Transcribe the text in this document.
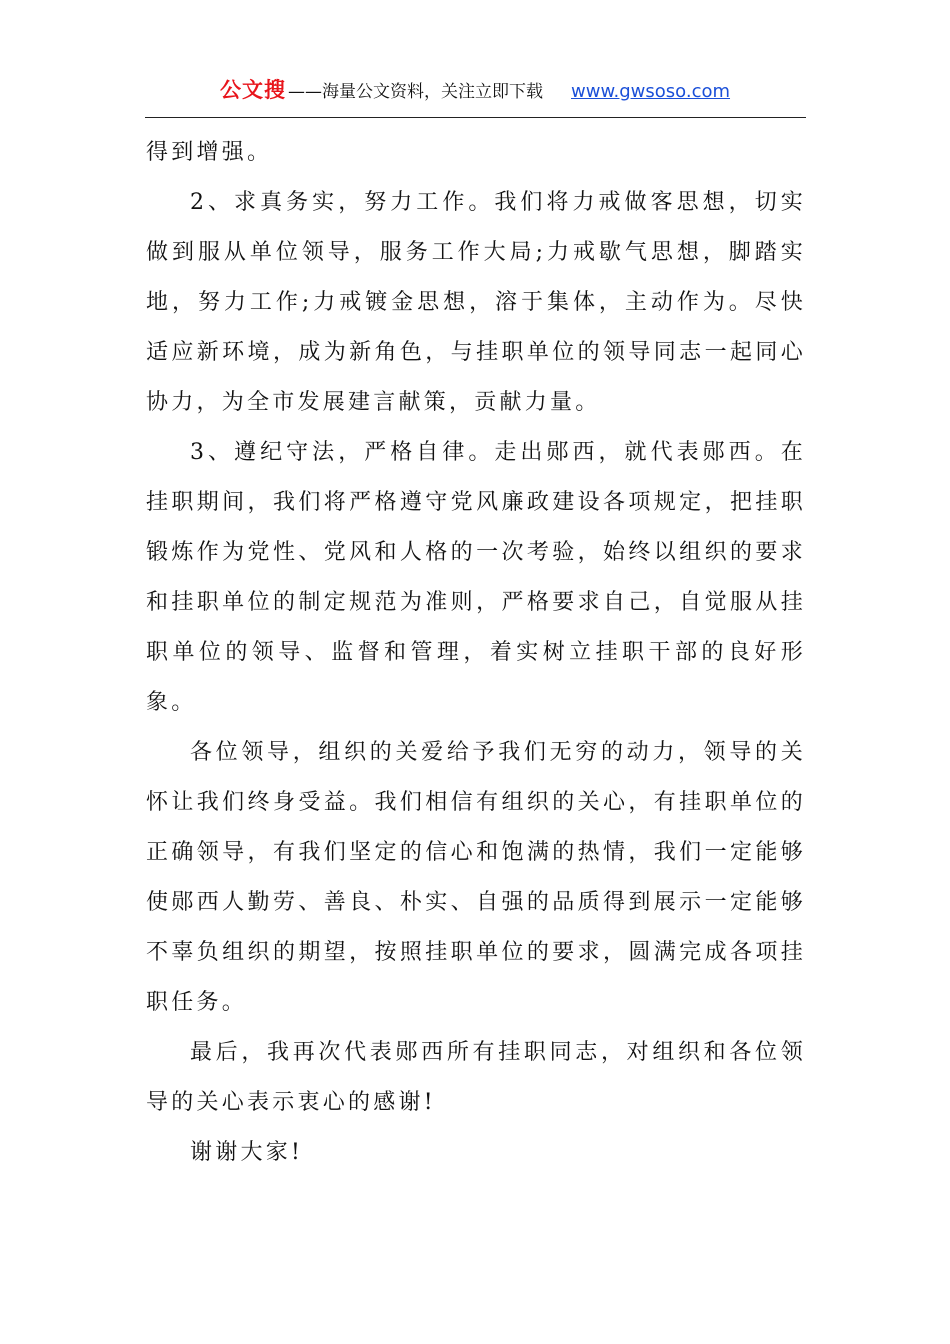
公文搜 ——海量公文资料，关注立即下载 www.gwsoso.com

得到增强。

2、求真务实，努力工作。我们将力戒做客思想，切实做到服从单位领导，服务工作大局;力戒歇气思想，脚踏实地，努力工作;力戒镀金思想，溶于集体，主动作为。尽快适应新环境，成为新角色，与挂职单位的领导同志一起同心协力，为全市发展建言献策，贡献力量。

3、遵纪守法，严格自律。走出郧西，就代表郧西。在挂职期间，我们将严格遵守党风廉政建设各项规定，把挂职锻炼作为党性、党风和人格的一次考验，始终以组织的要求和挂职单位的制定规范为准则，严格要求自己，自觉服从挂职单位的领导、监督和管理，着实树立挂职干部的良好形象。

各位领导，组织的关爱给予我们无穷的动力，领导的关怀让我们终身受益。我们相信有组织的关心，有挂职单位的正确领导，有我们坚定的信心和饱满的热情，我们一定能够使郧西人勤劳、善良、朴实、自强的品质得到展示一定能够不辜负组织的期望，按照挂职单位的要求，圆满完成各项挂职任务。

最后，我再次代表郧西所有挂职同志，对组织和各位领导的关心表示衷心的感谢!

谢谢大家!
